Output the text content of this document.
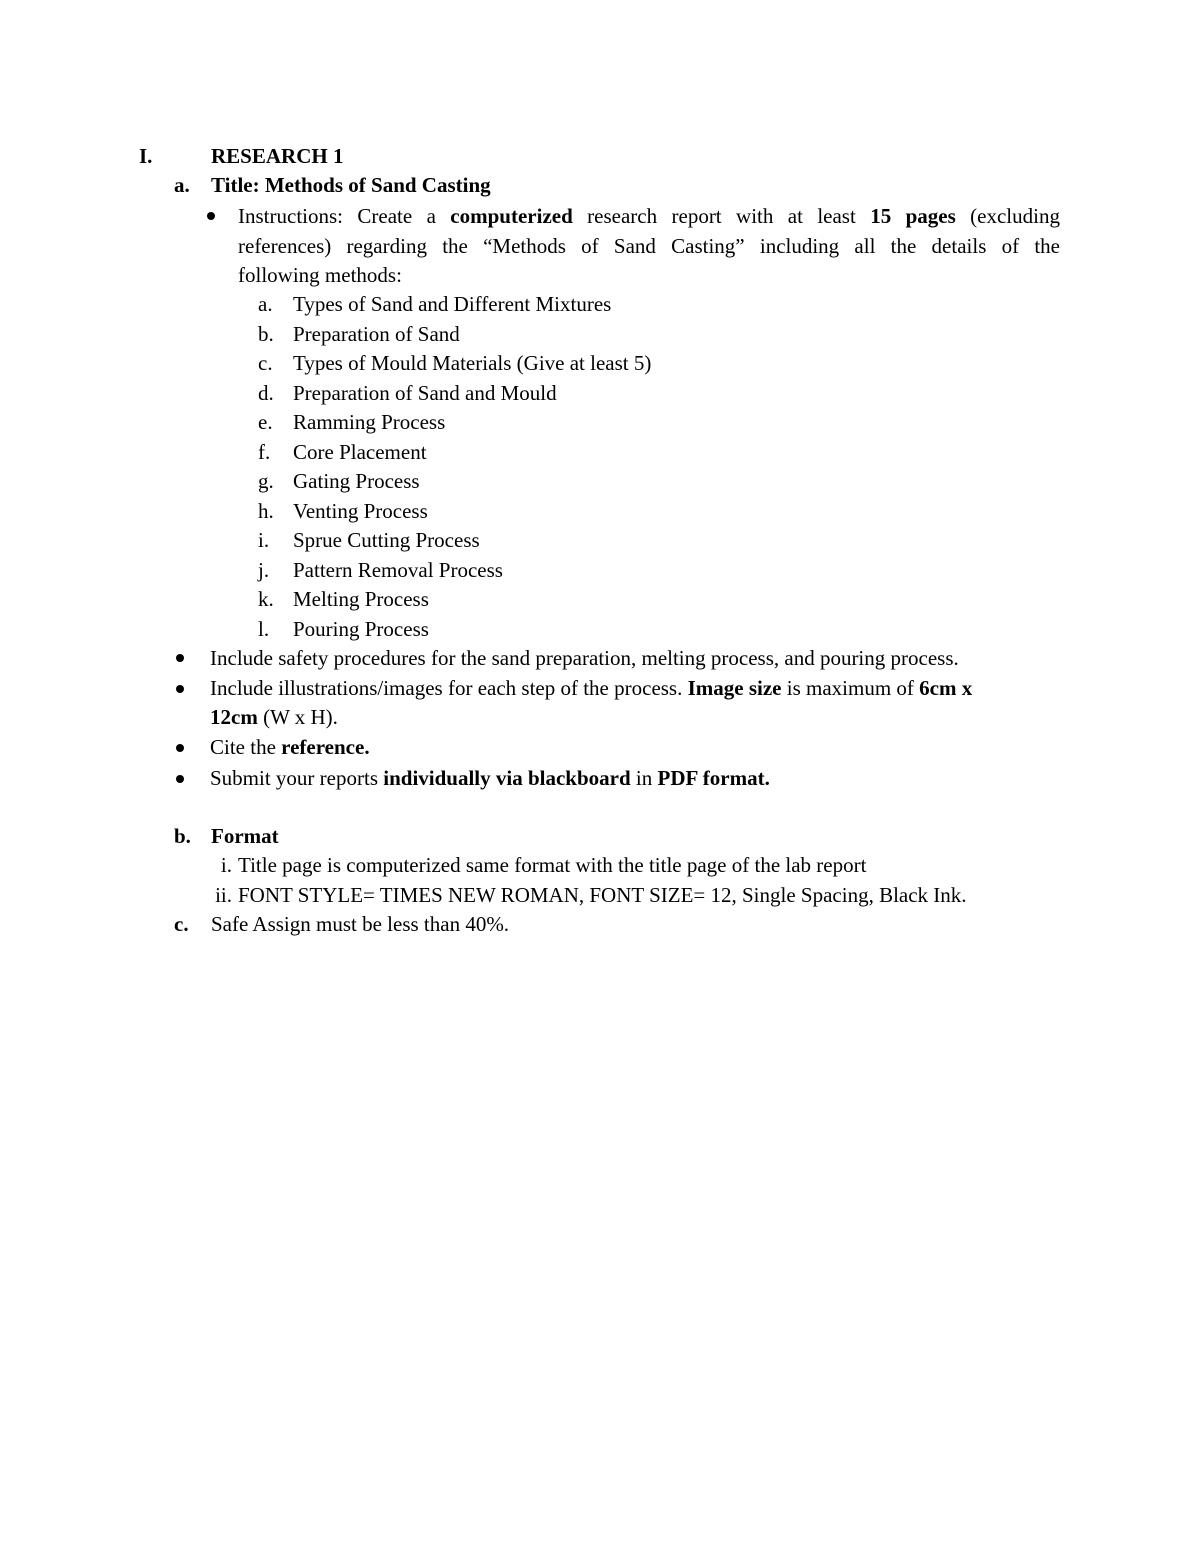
I.	RESEARCH 1
a. Title: Methods of Sand Casting
Instructions: Create a computerized research report with at least 15 pages (excluding
references) regarding the “Methods of Sand Casting” including all the details of the
following methods:
a. Types of Sand and Different Mixtures
b. Preparation of Sand
c. Types of Mould Materials (Give at least 5)
d. Preparation of Sand and Mould
e. Ramming Process
f. Core Placement
g. Gating Process
h. Venting Process
i. Sprue Cutting Process
j. Pattern Removal Process
k. Melting Process
l. Pouring Process
Include safety procedures for the sand preparation, melting process, and pouring process.
Include illustrations/images for each step of the process. Image size is maximum of 6cm x
12cm (W x H).
Cite the reference.
Submit your reports individually via blackboard in PDF format.
b. Format
i. Title page is computerized same format with the title page of the lab report
ii. FONT STYLE= TIMES NEW ROMAN, FONT SIZE= 12, Single Spacing, Black Ink.
c. Safe Assign must be less than 40%.
